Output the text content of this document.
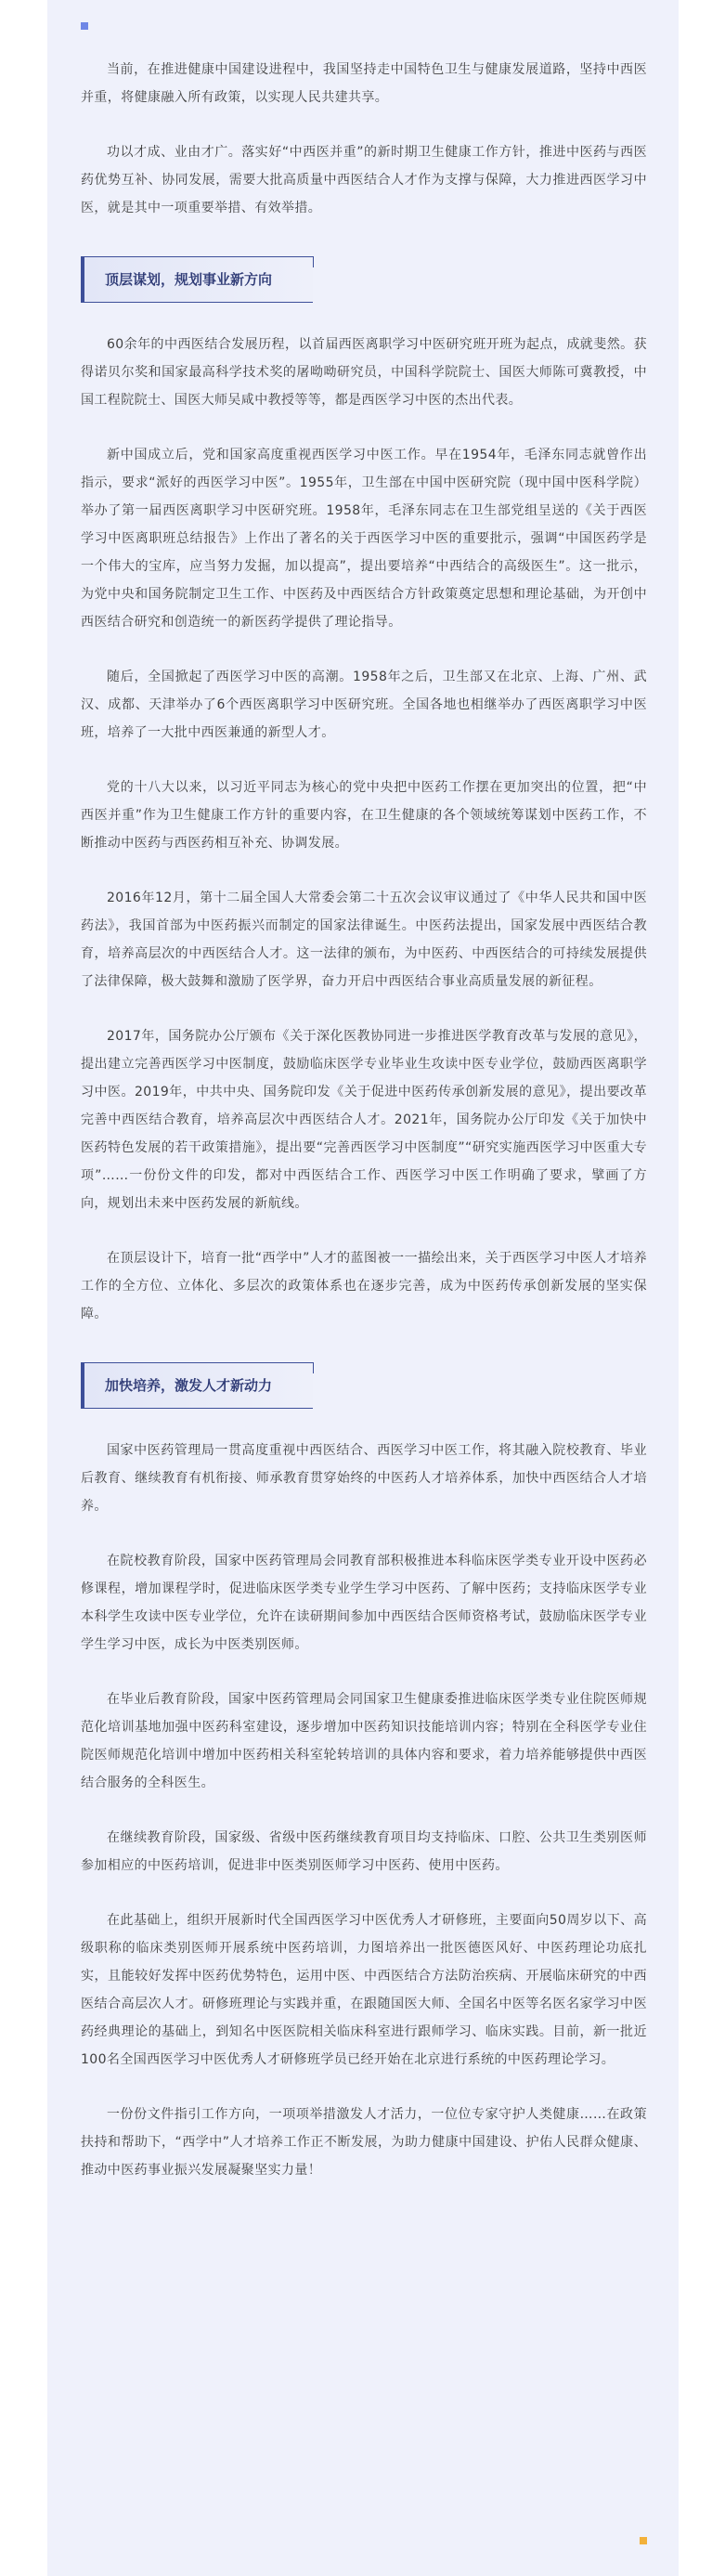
当前，在推进健康中国建设进程中，我国坚持走中国特色卫生与健康发展道路，坚持中西医并重，将健康融入所有政策，以实现人民共建共享。

功以才成、业由才广。落实好“中西医并重”的新时期卫生健康工作方针，推进中医药与西医药优势互补、协同发展，需要大批高质量中西医结合人才作为支撑与保障，大力推进西医学习中医，就是其中一项重要举措、有效举措。

顶层谋划，规划事业新方向

60余年的中西医结合发展历程，以首届西医离职学习中医研究班开班为起点，成就斐然。获得诺贝尔奖和国家最高科学技术奖的屠呦呦研究员，中国科学院院士、国医大师陈可冀教授，中国工程院院士、国医大师吴咸中教授等等，都是西医学习中医的杰出代表。

新中国成立后，党和国家高度重视西医学习中医工作。早在1954年，毛泽东同志就曾作出指示，要求“派好的西医学习中医”。1955年，卫生部在中国中医研究院（现中国中医科学院）举办了第一届西医离职学习中医研究班。1958年，毛泽东同志在卫生部党组呈送的《关于西医学习中医离职班总结报告》上作出了著名的关于西医学习中医的重要批示，强调“中国医药学是一个伟大的宝库，应当努力发掘，加以提高”，提出要培养“中西结合的高级医生”。这一批示，为党中央和国务院制定卫生工作、中医药及中西医结合方针政策奠定思想和理论基础，为开创中西医结合研究和创造统一的新医药学提供了理论指导。

随后，全国掀起了西医学习中医的高潮。1958年之后，卫生部又在北京、上海、广州、武汉、成都、天津举办了6个西医离职学习中医研究班。全国各地也相继举办了西医离职学习中医班，培养了一大批中西医兼通的新型人才。

党的十八大以来，以习近平同志为核心的党中央把中医药工作摆在更加突出的位置，把“中西医并重”作为卫生健康工作方针的重要内容，在卫生健康的各个领域统筹谋划中医药工作，不断推动中医药与西医药相互补充、协调发展。

2016年12月，第十二届全国人大常委会第二十五次会议审议通过了《中华人民共和国中医药法》，我国首部为中医药振兴而制定的国家法律诞生。中医药法提出，国家发展中西医结合教育，培养高层次的中西医结合人才。这一法律的颁布，为中医药、中西医结合的可持续发展提供了法律保障，极大鼓舞和激励了医学界，奋力开启中西医结合事业高质量发展的新征程。

2017年，国务院办公厅颁布《关于深化医教协同进一步推进医学教育改革与发展的意见》，提出建立完善西医学习中医制度，鼓励临床医学专业毕业生攻读中医专业学位，鼓励西医离职学习中医。2019年，中共中央、国务院印发《关于促进中医药传承创新发展的意见》，提出要改革完善中西医结合教育，培养高层次中西医结合人才。2021年，国务院办公厅印发《关于加快中医药特色发展的若干政策措施》，提出要“完善西医学习中医制度”“研究实施西医学习中医重大专项”……一份份文件的印发，都对中西医结合工作、西医学习中医工作明确了要求，擘画了方向，规划出未来中医药发展的新航线。

在顶层设计下，培育一批“西学中”人才的蓝图被一一描绘出来，关于西医学习中医人才培养工作的全方位、立体化、多层次的政策体系也在逐步完善，成为中医药传承创新发展的坚实保障。

加快培养，激发人才新动力

国家中医药管理局一贯高度重视中西医结合、西医学习中医工作，将其融入院校教育、毕业后教育、继续教育有机衔接、师承教育贯穿始终的中医药人才培养体系，加快中西医结合人才培养。

在院校教育阶段，国家中医药管理局会同教育部积极推进本科临床医学类专业开设中医药必修课程，增加课程学时，促进临床医学类专业学生学习中医药、了解中医药；支持临床医学专业本科学生攻读中医专业学位，允许在读研期间参加中西医结合医师资格考试，鼓励临床医学专业学生学习中医，成长为中医类别医师。

在毕业后教育阶段，国家中医药管理局会同国家卫生健康委推进临床医学类专业住院医师规范化培训基地加强中医药科室建设，逐步增加中医药知识技能培训内容；特别在全科医学专业住院医师规范化培训中增加中医药相关科室轮转培训的具体内容和要求，着力培养能够提供中西医结合服务的全科医生。

在继续教育阶段，国家级、省级中医药继续教育项目均支持临床、口腔、公共卫生类别医师参加相应的中医药培训，促进非中医类别医师学习中医药、使用中医药。

在此基础上，组织开展新时代全国西医学习中医优秀人才研修班，主要面向50周岁以下、高级职称的临床类别医师开展系统中医药培训，力图培养出一批医德医风好、中医药理论功底扎实，且能较好发挥中医药优势特色，运用中医、中西医结合方法防治疾病、开展临床研究的中西医结合高层次人才。研修班理论与实践并重，在跟随国医大师、全国名中医等名医名家学习中医药经典理论的基础上，到知名中医医院相关临床科室进行跟师学习、临床实践。目前，新一批近100名全国西医学习中医优秀人才研修班学员已经开始在北京进行系统的中医药理论学习。

一份份文件指引工作方向，一项项举措激发人才活力，一位位专家守护人类健康……在政策扶持和帮助下，“西学中”人才培养工作正不断发展，为助力健康中国建设、护佑人民群众健康、推动中医药事业振兴发展凝聚坚实力量！
